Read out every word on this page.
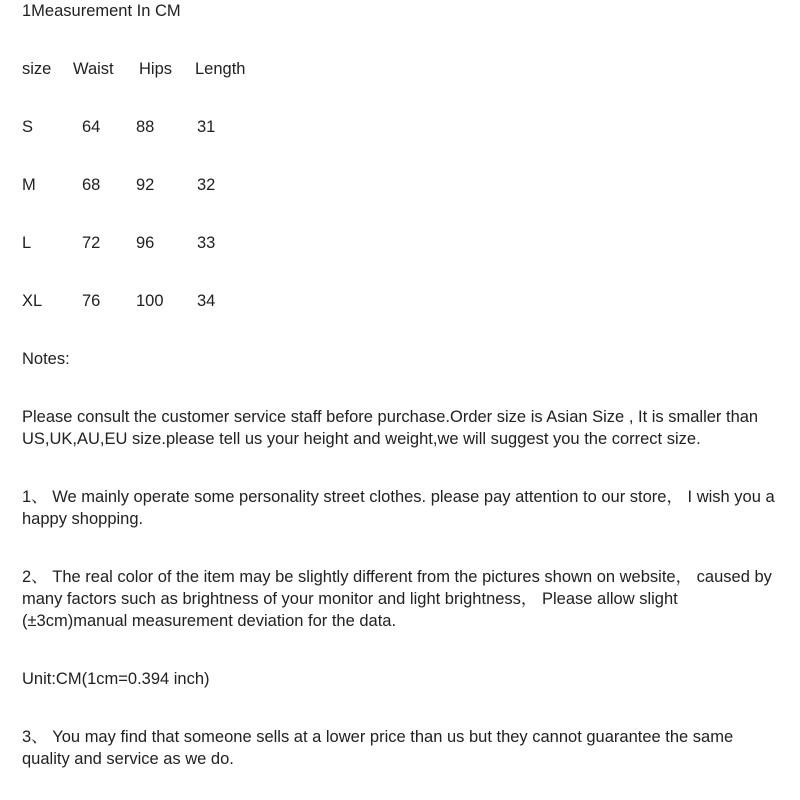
1Measurement In CM

size	Waist	Hips	Length
S	64	88	31
M	68	92	32
L	72	96	33
XL	76	100	34

Notes:

Please consult the customer service staff before purchase.Order size is Asian Size , It is smaller than US,UK,AU,EU size.please tell us your height and weight,we will suggest you the correct size.

1、 We mainly operate some personality street clothes. please pay attention to our store， I wish you a happy shopping.

2、 The real color of the item may be slightly different from the pictures shown on website， caused by many factors such as brightness of your monitor and light brightness， Please allow slight (±3cm)manual measurement deviation for the data.

Unit:CM(1cm=0.394 inch)

3、 You may find that someone sells at a lower price than us but they cannot guarantee the same quality and service as we do.
